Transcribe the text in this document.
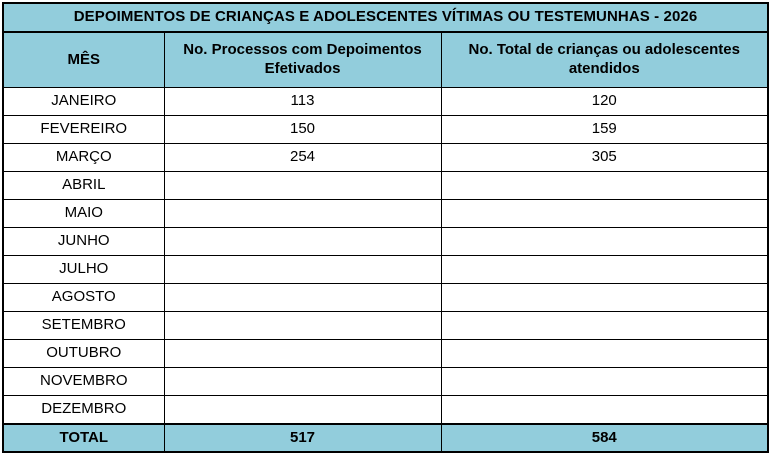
DEPOIMENTOS DE CRIANÇAS E ADOLESCENTES VÍTIMAS OU TESTEMUNHAS - 2026		
MÊS	No. Processos com Depoimentos Efetivados	No. Total de crianças ou adolescentes atendidos
JANEIRO	113	120
FEVEREIRO	150	159
MARÇO	254	305
ABRIL		
MAIO		
JUNHO		
JULHO		
AGOSTO		
SETEMBRO		
OUTUBRO		
NOVEMBRO		
DEZEMBRO		
TOTAL	517	584
